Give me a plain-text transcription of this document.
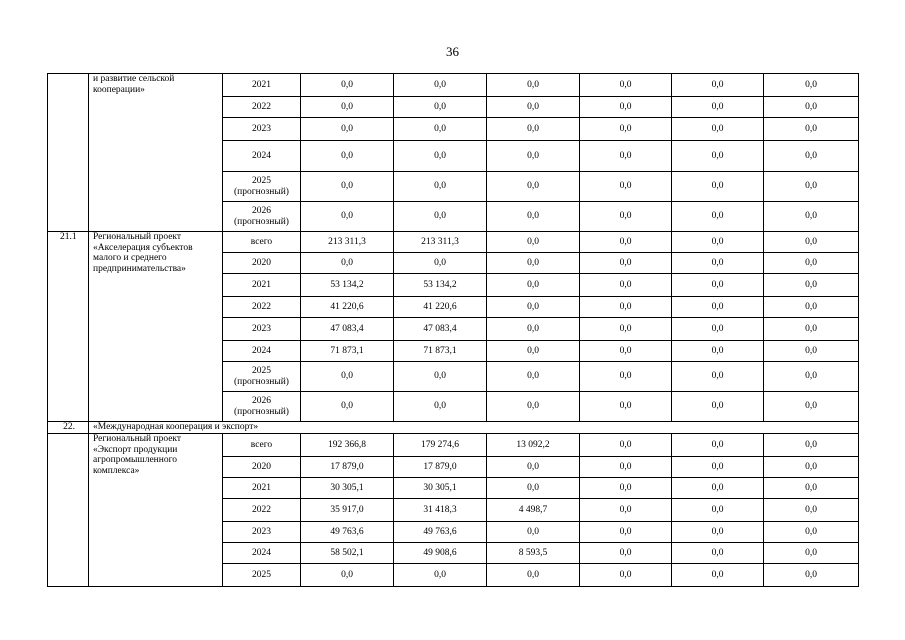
36
	и развитие сельской кооперации»	2021	0,0	0,0	0,0	0,0	0,0	0,0
		2022	0,0	0,0	0,0	0,0	0,0	0,0
		2023	0,0	0,0	0,0	0,0	0,0	0,0
		2024	0,0	0,0	0,0	0,0	0,0	0,0
		2025 (прогнозный)	0,0	0,0	0,0	0,0	0,0	0,0
		2026 (прогнозный)	0,0	0,0	0,0	0,0	0,0	0,0
21.1	Региональный проект «Акселерация субъектов малого и среднего предпринимательства»	всего	213 311,3	213 311,3	0,0	0,0	0,0	0,0
		2020	0,0	0,0	0,0	0,0	0,0	0,0
		2021	53 134,2	53 134,2	0,0	0,0	0,0	0,0
		2022	41 220,6	41 220,6	0,0	0,0	0,0	0,0
		2023	47 083,4	47 083,4	0,0	0,0	0,0	0,0
		2024	71 873,1	71 873,1	0,0	0,0	0,0	0,0
		2025 (прогнозный)	0,0	0,0	0,0	0,0	0,0	0,0
		2026 (прогнозный)	0,0	0,0	0,0	0,0	0,0	0,0
22.	«Международная кооперация и экспорт»							
	Региональный проект «Экспорт продукции агропромышленного комплекса»	всего	192 366,8	179 274,6	13 092,2	0,0	0,0	0,0
		2020	17 879,0	17 879,0	0,0	0,0	0,0	0,0
		2021	30 305,1	30 305,1	0,0	0,0	0,0	0,0
		2022	35 917,0	31 418,3	4 498,7	0,0	0,0	0,0
		2023	49 763,6	49 763,6	0,0	0,0	0,0	0,0
		2024	58 502,1	49 908,6	8 593,5	0,0	0,0	0,0
		2025	0,0	0,0	0,0	0,0	0,0	0,0
